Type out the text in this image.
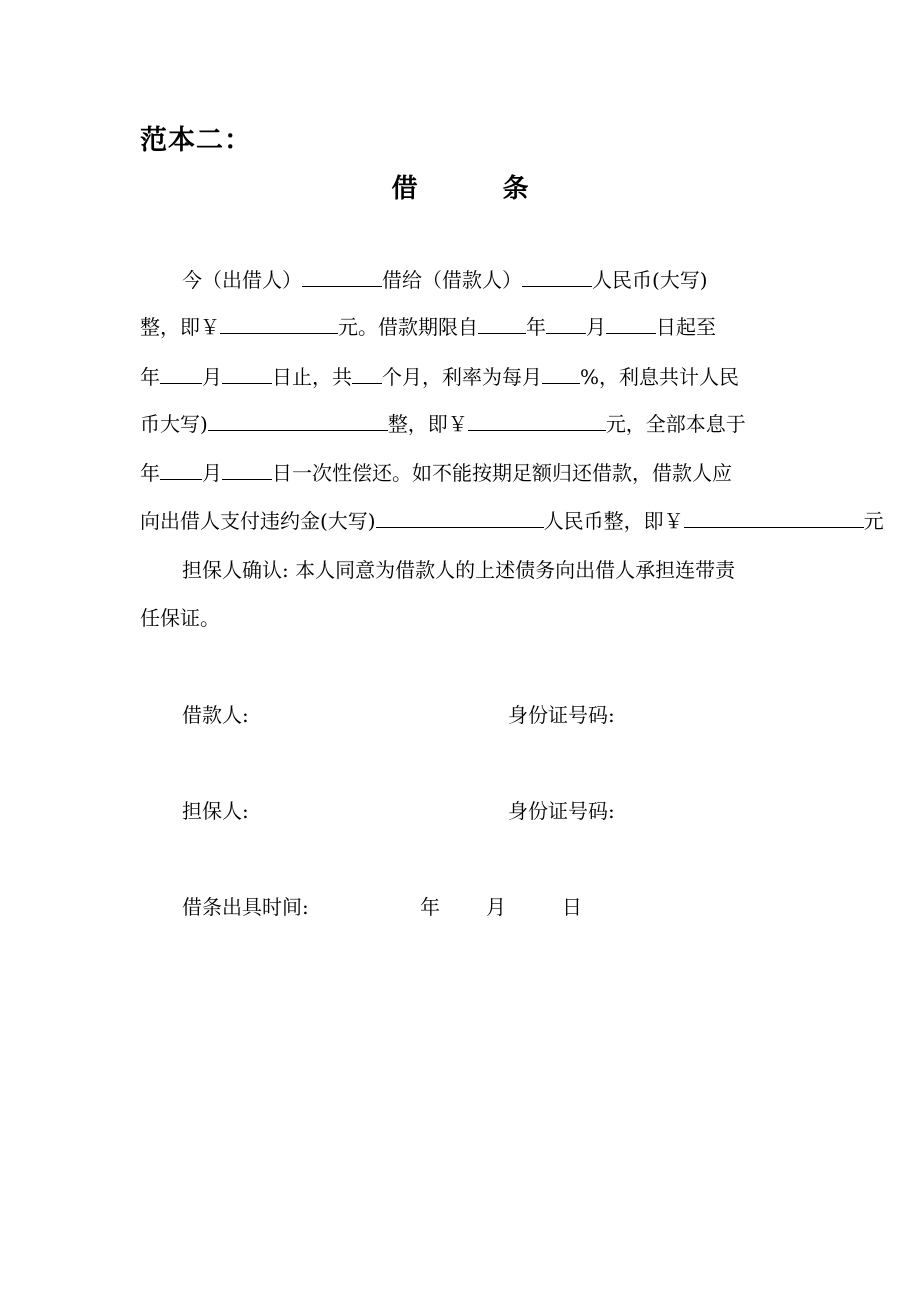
范本二：
借 条
今（出借人）	借给（借款人）	人民币(大写)
整，即￥	元。借款期限自 年 月	日起至
年 月	日止，共 个月，利率为每月 %，利息共计人民
币大写)	整，即￥	元，全部本息于
年 月	日一次性偿还。如不能按期足额归还借款，借款人应
向出借人支付违约金(大写)	人民币整，即￥	元
担保人确认: 本人同意为借款人的上述债务向出借人承担连带责
任保证。
借款人:	身份证号码:
担保人:	身份证号码:
借条出具时间:	年 月	日
